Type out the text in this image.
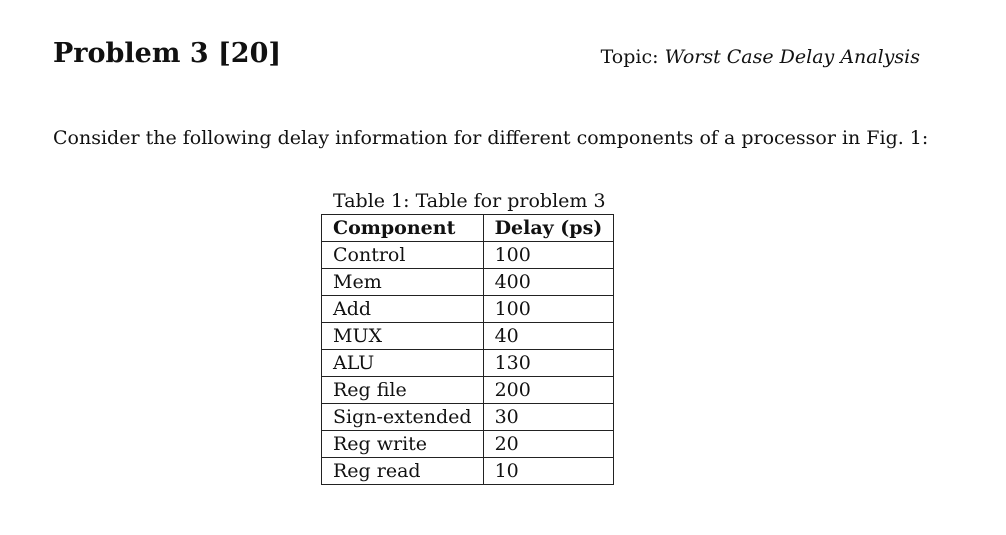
Problem 3 [20]	Topic: Worst Case Delay Analysis
Consider the following delay information for different components of a processor in Fig. 1:
Table 1: Table for problem 3
Component	Delay (ps)
Control	100
Mem	400
Add	100
MUX	40
ALU	130
Reg file	200
Sign-extended	30
Reg write	20
Reg read	10
